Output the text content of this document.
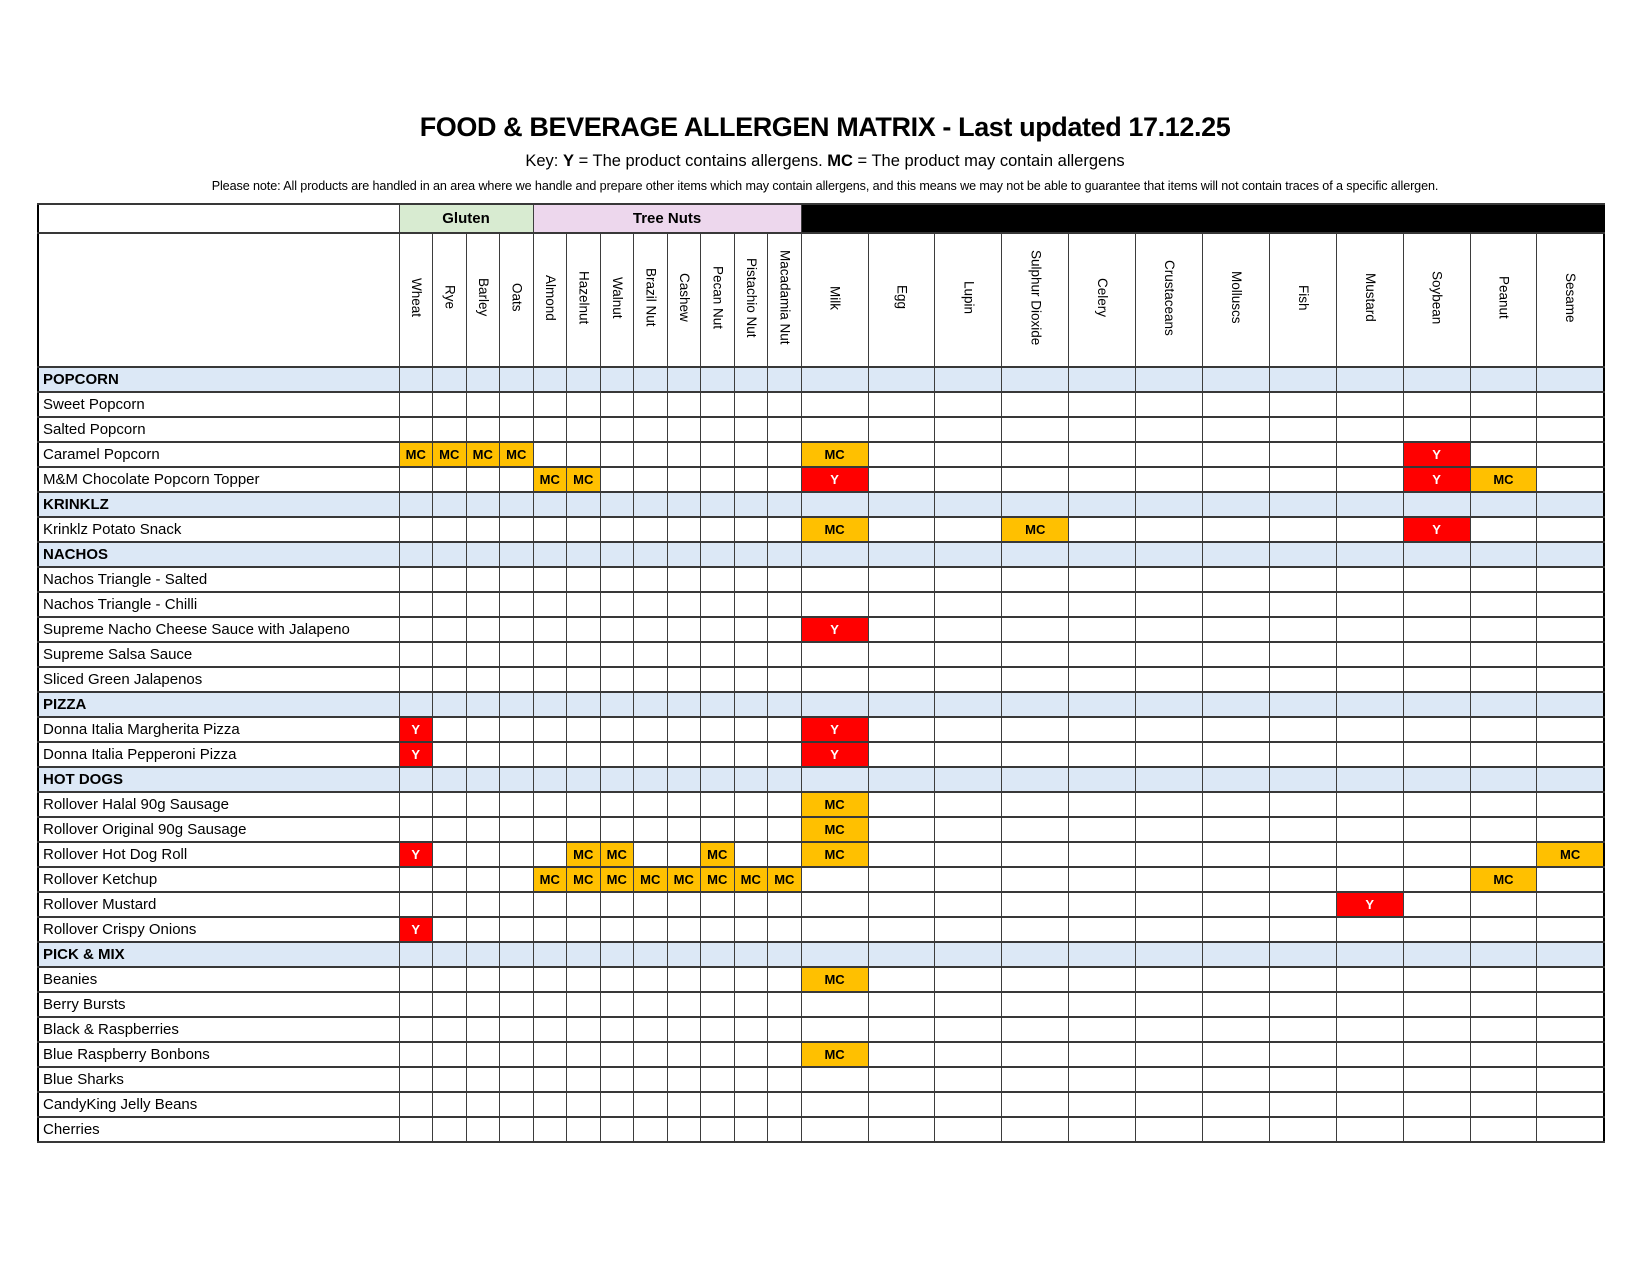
FOOD & BEVERAGE ALLERGEN MATRIX - Last updated 17.12.25
Key: Y = The product contains allergens. MC = The product may contain allergens
Please note: All products are handled in an area where we handle and prepare other items which may contain allergens, and this means we may not be able to guarantee that items will not contain traces of a specific allergen.
	Gluten				Tree Nuts																			
	Wheat	Rye	Barley	Oats	Almond	Hazelnut	Walnut	Brazil Nut	Cashew	Pecan Nut	Pistachio Nut	Macadamia Nut	Milk	Egg	Lupin	Sulphur Dioxide	Celery	Crustaceans	Molluscs	Fish	Mustard	Soybean	Peanut	Sesame
POPCORN																								
Sweet Popcorn																								
Salted Popcorn																								
Caramel Popcorn	MC	MC	MC	MC									MC									Y		
M&M Chocolate Popcorn Topper					MC	MC							Y									Y	MC	
KRINKLZ																								
Krinklz Potato Snack													MC			MC						Y		
NACHOS																								
Nachos Triangle - Salted																								
Nachos Triangle - Chilli																								
Supreme Nacho Cheese Sauce with Jalapeno													Y											
Supreme Salsa Sauce																								
Sliced Green Jalapenos																								
PIZZA																								
Donna Italia Margherita Pizza	Y												Y											
Donna Italia Pepperoni Pizza	Y												Y											
HOT DOGS																								
Rollover Halal 90g Sausage													MC											
Rollover Original 90g Sausage													MC											
Rollover Hot Dog Roll	Y					MC	MC			MC			MC											MC
Rollover Ketchup					MC	MC	MC	MC	MC	MC	MC	MC											MC	
Rollover Mustard																					Y			
Rollover Crispy Onions	Y																							
PICK & MIX																								
Beanies													MC											
Berry Bursts																								
Black & Raspberries																								
Blue Raspberry Bonbons													MC											
Blue Sharks																								
CandyKing Jelly Beans																								
Cherries																								
